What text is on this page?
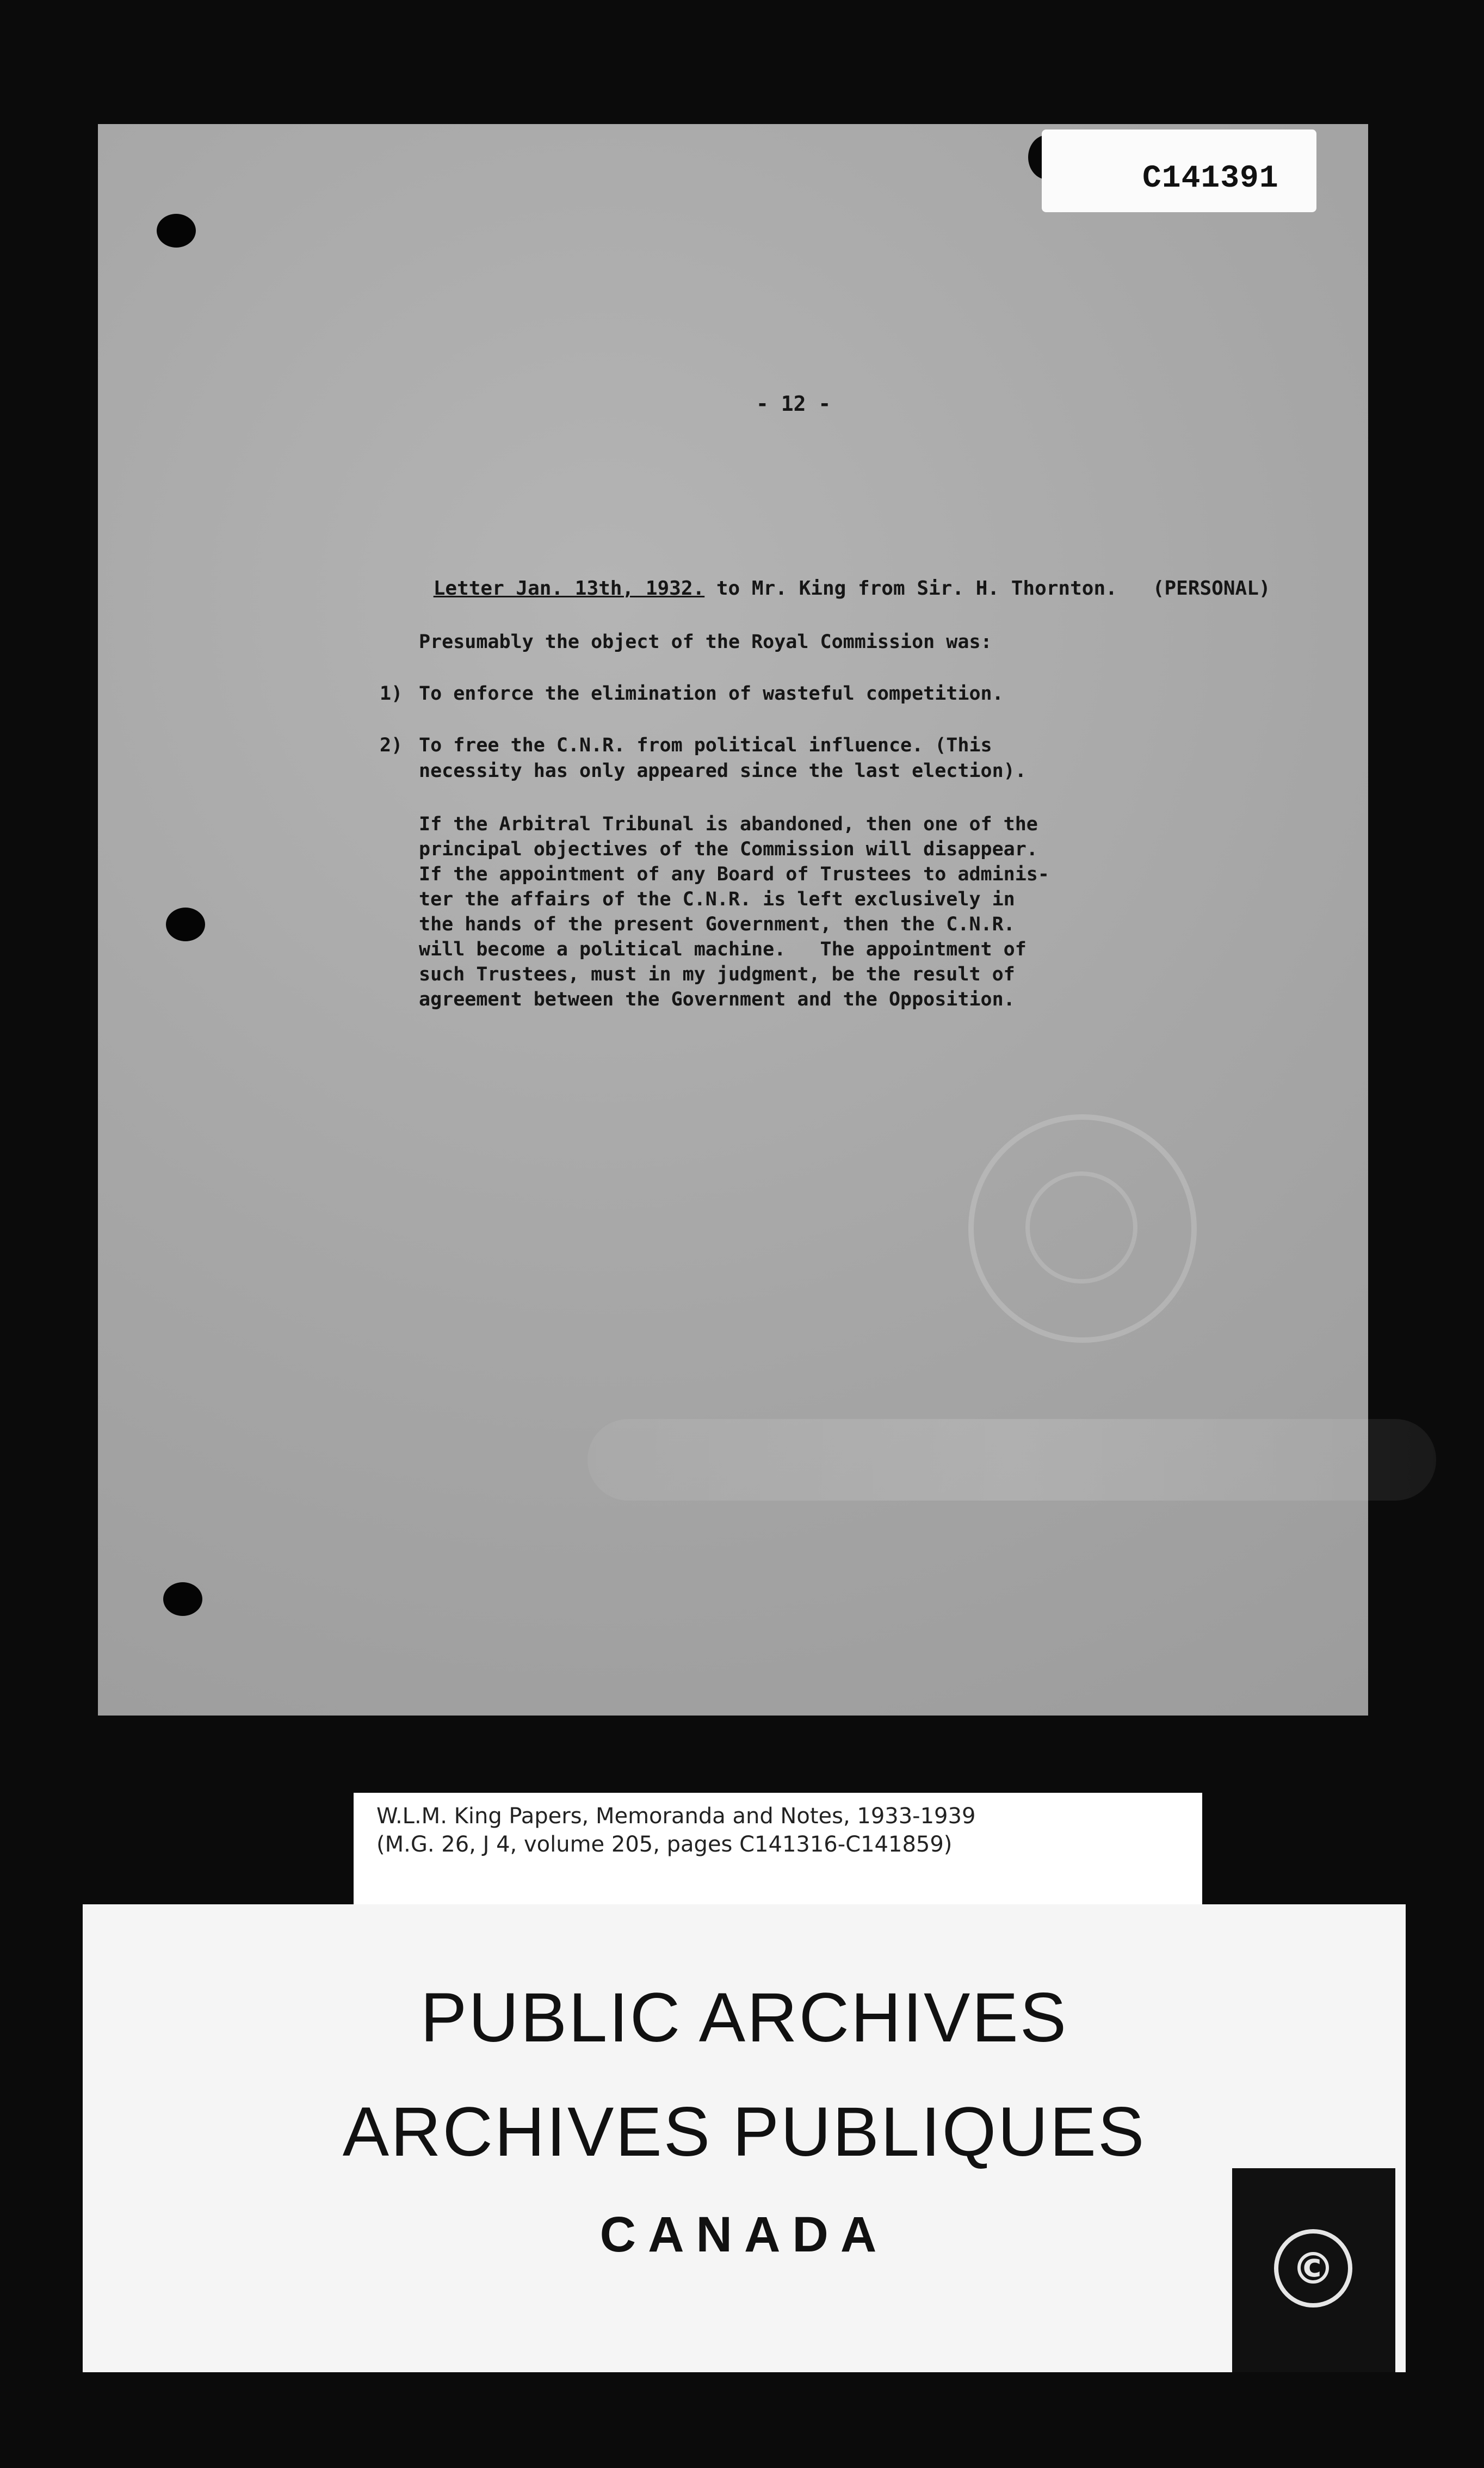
- 12 -

Letter Jan. 13th, 1932. to Mr. King from Sir. H. Thornton.   (PERSONAL)

Presumably the object of the Royal Commission was:
1) To enforce the elimination of wasteful competition.
2) To free the C.N.R. from political influence. (This
necessity has only appeared since the last election).
If the Arbitral Tribunal is abandoned, then one of the
principal objectives of the Commission will disappear.
If the appointment of any Board of Trustees to adminis-
ter the affairs of the C.N.R. is left exclusively in
the hands of the present Government, then the C.N.R.
will become a political machine.   The appointment of
such Trustees, must in my judgment, be the result of
agreement between the Government and the Opposition.
C141391
W.L.M. King Papers, Memoranda and Notes, 1933-1939
(M.G. 26, J 4, volume 205, pages C141316-C141859)
PUBLIC ARCHIVES
ARCHIVES PUBLIQUES
CANADA
©
